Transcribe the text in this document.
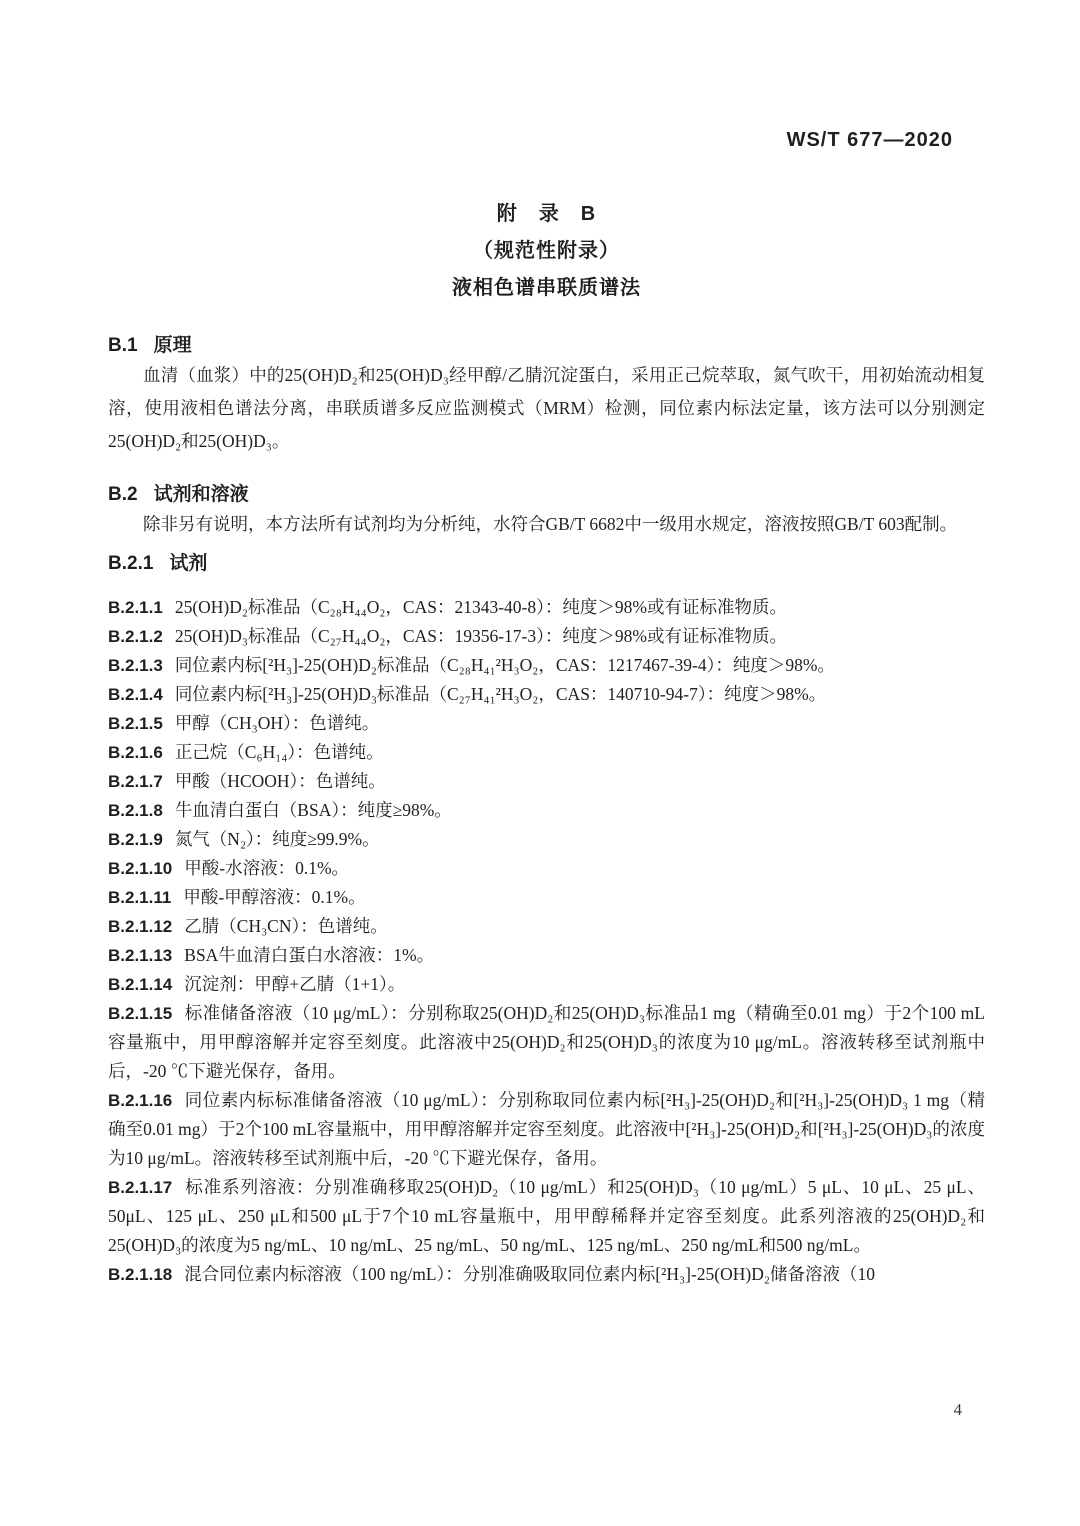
WS/T 677—2020

附　录　B
（规范性附录）
液相色谱串联质谱法
B.1 原理

血清（血浆）中的25(OH)D₂和25(OH)D₃经甲醇/乙腈沉淀蛋白，采用正己烷萃取，氮气吹干，用初始流动相复溶，使用液相色谱法分离，串联质谱多反应监测模式（MRM）检测，同位素内标法定量，该方法可以分别测定25(OH)D₂和25(OH)D₃。

B.2 试剂和溶液

除非另有说明，本方法所有试剂均为分析纯，水符合GB/T 6682中一级用水规定，溶液按照GB/T 603配制。

B.2.1 试剂

B.2.1.1 25(OH)D₂标准品（C₂₈H₄₄O₂，CAS：21343-40-8）：纯度＞98%或有证标准物质。

B.2.1.2 25(OH)D₃标准品（C₂₇H₄₄O₂，CAS：19356-17-3）：纯度＞98%或有证标准物质。

B.2.1.3 同位素内标[²H₃]-25(OH)D₂标准品（C₂₈H₄₁²H₃O₂，CAS：1217467-39-4）：纯度＞98%。

B.2.1.4 同位素内标[²H₃]-25(OH)D₃标准品（C₂₇H₄₁²H₃O₂，CAS：140710-94-7）：纯度＞98%。

B.2.1.5 甲醇（CH₃OH）：色谱纯。

B.2.1.6 正己烷（C₆H₁₄）：色谱纯。

B.2.1.7 甲酸（HCOOH）：色谱纯。

B.2.1.8 牛血清白蛋白（BSA）：纯度≥98%。

B.2.1.9 氮气（N₂）：纯度≥99.9%。

B.2.1.10 甲酸-水溶液：0.1%。

B.2.1.11 甲酸-甲醇溶液：0.1%。

B.2.1.12 乙腈（CH₃CN）：色谱纯。

B.2.1.13 BSA牛血清白蛋白水溶液：1%。

B.2.1.14 沉淀剂：甲醇+乙腈（1+1）。

B.2.1.15 标准储备溶液（10 μg/mL）：分别称取25(OH)D₂和25(OH)D₃标准品1 mg（精确至0.01 mg）于2个100 mL容量瓶中，用甲醇溶解并定容至刻度。此溶液中25(OH)D₂和25(OH)D₃的浓度为10 μg/mL。溶液转移至试剂瓶中后，-20 ℃下避光保存，备用。

B.2.1.16 同位素内标标准储备溶液（10 μg/mL）：分别称取同位素内标[²H₃]-25(OH)D₂和[²H₃]-25(OH)D₃ 1 mg（精确至0.01 mg）于2个100 mL容量瓶中，用甲醇溶解并定容至刻度。此溶液中[²H₃]-25(OH)D₂和[²H₃]-25(OH)D₃的浓度为10 μg/mL。溶液转移至试剂瓶中后，-20 ℃下避光保存，备用。

B.2.1.17 标准系列溶液：分别准确移取25(OH)D₂（10 μg/mL）和25(OH)D₃（10 μg/mL）5 μL、10 μL、25 μL、50μL、125 μL、250 μL和500 μL于7个10 mL容量瓶中，用甲醇稀释并定容至刻度。此系列溶液的25(OH)D₂和25(OH)D₃的浓度为5 ng/mL、10 ng/mL、25 ng/mL、50 ng/mL、125 ng/mL、250 ng/mL和500 ng/mL。

B.2.1.18 混合同位素内标溶液（100 ng/mL）：分别准确吸取同位素内标[²H₃]-25(OH)D₂储备溶液（10

4
